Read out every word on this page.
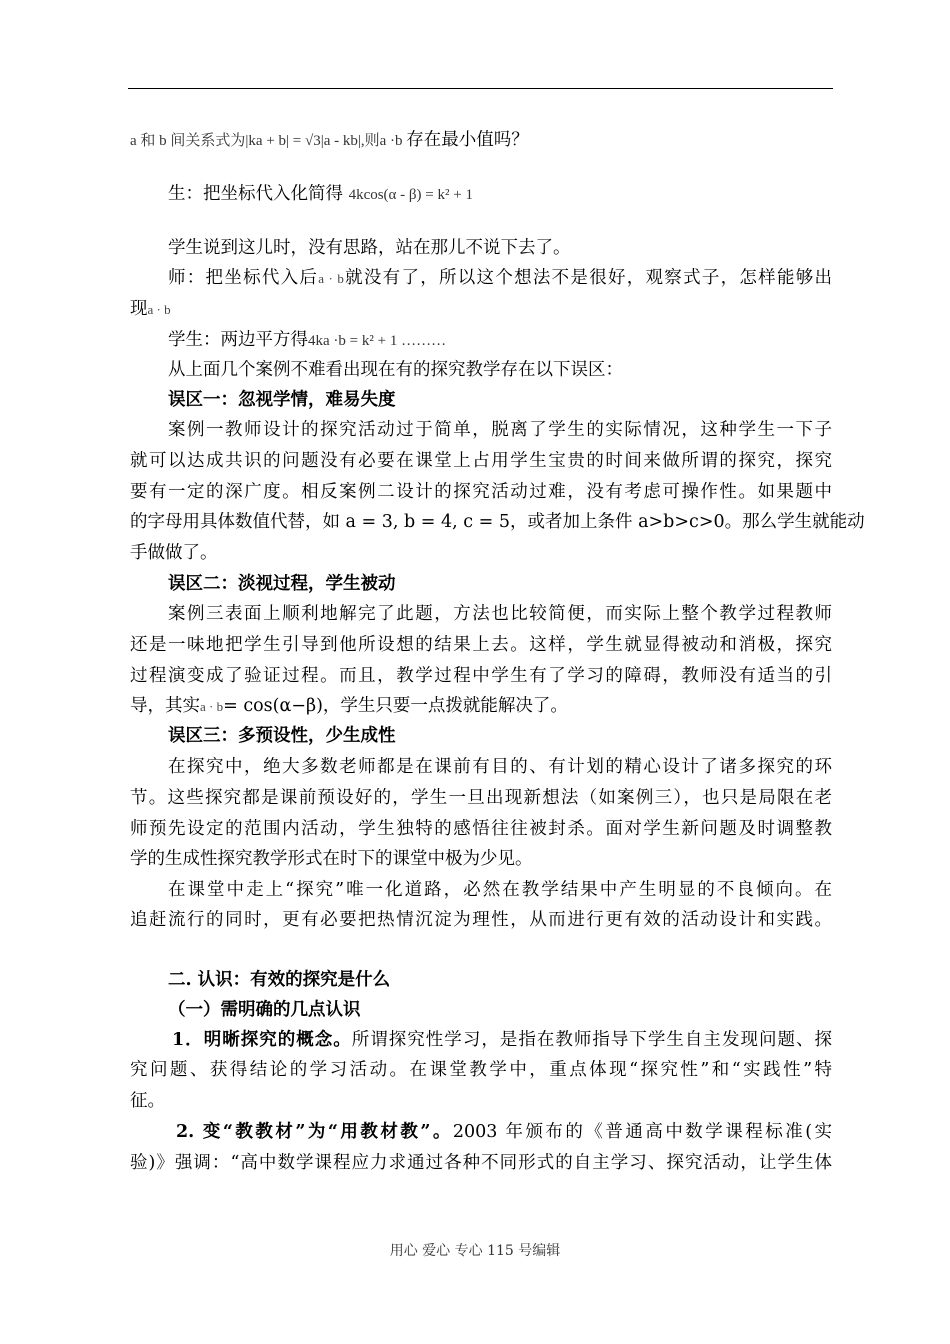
a 和 b 间关系式为|ka + b| = √3|a - kb|,则a ·b 存在最小值吗？
生：把坐标代入化简得 4kcos(α - β) = k² + 1
学生说到这儿时，没有思路，站在那儿不说下去了。
师：把坐标代入后a · b就没有了，所以这个想法不是很好，观察式子，怎样能够出
现a · b
学生：两边平方得4ka ·b = k² + 1 ………
从上面几个案例不难看出现在有的探究教学存在以下误区：
误区一：忽视学情，难易失度
案例一教师设计的探究活动过于简单，脱离了学生的实际情况，这种学生一下子
就可以达成共识的问题没有必要在课堂上占用学生宝贵的时间来做所谓的探究，探究
要有一定的深广度。相反案例二设计的探究活动过难，没有考虑可操作性。如果题中
的字母用具体数值代替，如 a = 3, b = 4, c = 5，或者加上条件 a>b>c>0。那么学生就能动
手做做了。
误区二：淡视过程，学生被动
案例三表面上顺利地解完了此题，方法也比较简便，而实际上整个教学过程教师
还是一味地把学生引导到他所设想的结果上去。这样，学生就显得被动和消极，探究
过程演变成了验证过程。而且，教学过程中学生有了学习的障碍，教师没有适当的引
导，其实a · b= cos(α−β)，学生只要一点拨就能解决了。
误区三：多预设性，少生成性
在探究中，绝大多数老师都是在课前有目的、有计划的精心设计了诸多探究的环
节。这些探究都是课前预设好的，学生一旦出现新想法（如案例三），也只是局限在老
师预先设定的范围内活动，学生独特的感悟往往被封杀。面对学生新问题及时调整教
学的生成性探究教学形式在时下的课堂中极为少见。
在课堂中走上“探究”唯一化道路，必然在教学结果中产生明显的不良倾向。在
追赶流行的同时，更有必要把热情沉淀为理性，从而进行更有效的活动设计和实践。
二. 认识：有效的探究是什么
（一）需明确的几点认识
1．明晰探究的概念。所谓探究性学习，是指在教师指导下学生自主发现问题、探
究问题、获得结论的学习活动。在课堂教学中，重点体现“探究性”和“实践性”特
征。
2. 变“教教材”为“用教材教”。2003 年颁布的《普通高中数学课程标准(实
验)》强调：“高中数学课程应力求通过各种不同形式的自主学习、探究活动，让学生体
用心 爱心 专心 115 号编辑
